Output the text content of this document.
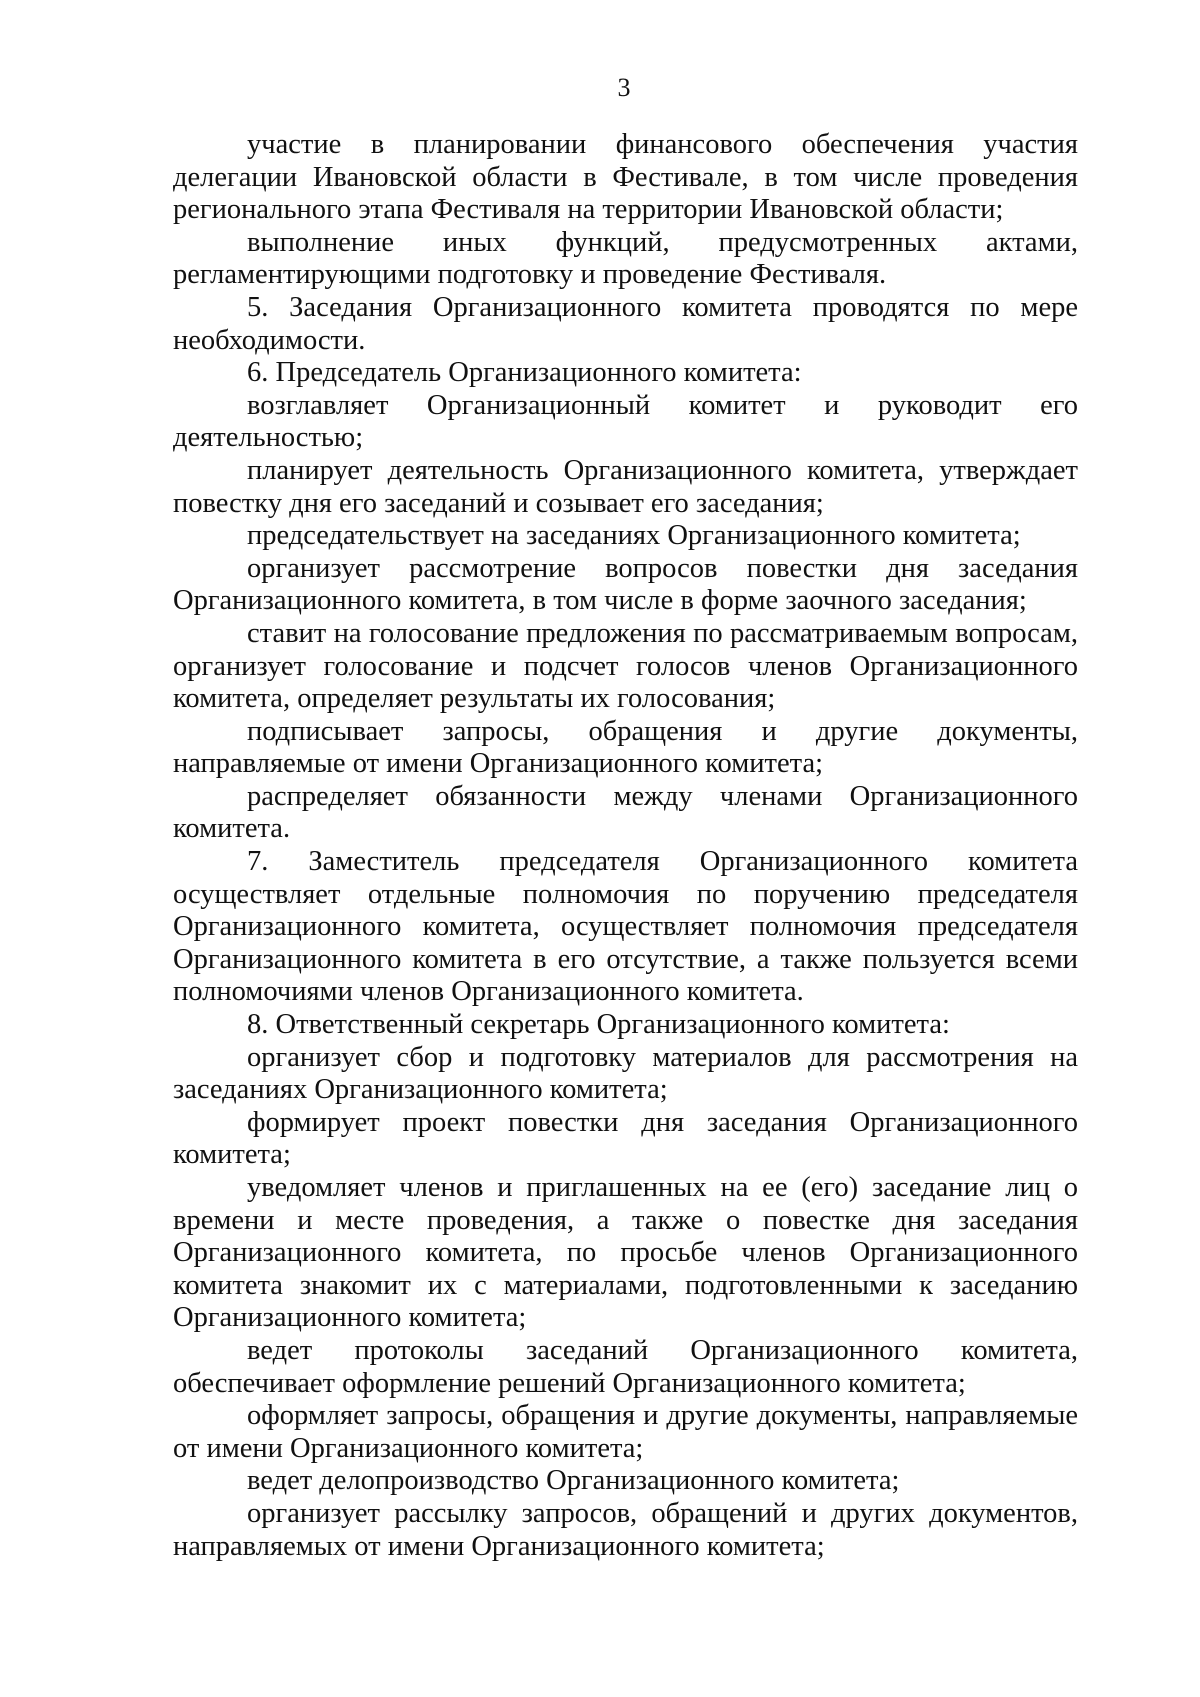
3

участие в планировании финансового обеспечения участия делегации Ивановской области в Фестивале, в том числе проведения регионального этапа Фестиваля на территории Ивановской области;

выполнение иных функций, предусмотренных актами, регламентирующими подготовку и проведение Фестиваля.

5. Заседания Организационного комитета проводятся по мере необходимости.

6. Председатель Организационного комитета:

возглавляет Организационный комитет и руководит его деятельностью;

планирует деятельность Организационного комитета, утверждает повестку дня его заседаний и созывает его заседания;

председательствует на заседаниях Организационного комитета;

организует рассмотрение вопросов повестки дня заседания Организационного комитета, в том числе в форме заочного заседания;

ставит на голосование предложения по рассматриваемым вопросам, организует голосование и подсчет голосов членов Организационного комитета, определяет результаты их голосования;

подписывает запросы, обращения и другие документы, направляемые от имени Организационного комитета;

распределяет обязанности между членами Организационного комитета.

7. Заместитель председателя Организационного комитета осуществляет отдельные полномочия по поручению председателя Организационного комитета, осуществляет полномочия председателя Организационного комитета в его отсутствие, а также пользуется всеми полномочиями членов Организационного комитета.

8. Ответственный секретарь Организационного комитета:

организует сбор и подготовку материалов для рассмотрения на заседаниях Организационного комитета;

формирует проект повестки дня заседания Организационного комитета;

уведомляет членов и приглашенных на ее (его) заседание лиц о времени и месте проведения, а также о повестке дня заседания Организационного комитета, по просьбе членов Организационного комитета знакомит их с материалами, подготовленными к заседанию Организационного комитета;

ведет протоколы заседаний Организационного комитета, обеспечивает оформление решений Организационного комитета;

оформляет запросы, обращения и другие документы, направляемые от имени Организационного комитета;

ведет делопроизводство Организационного комитета;

организует рассылку запросов, обращений и других документов, направляемых от имени Организационного комитета;
